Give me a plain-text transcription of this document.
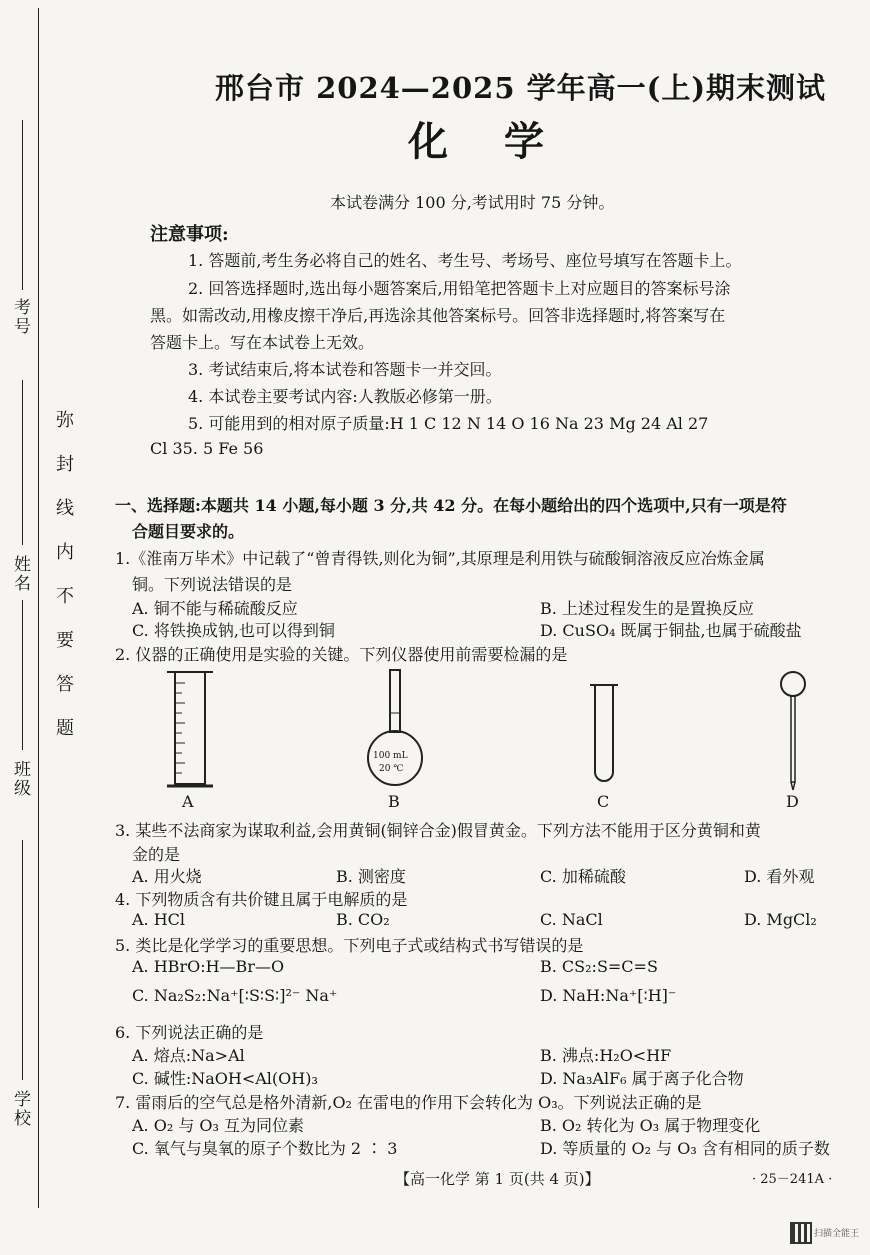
考号
姓名
班级
学校
弥封线内不要答题
邢台市 2024—2025 学年高一(上)期末测试
化学
本试卷满分 100 分,考试用时 75 分钟。
注意事项:
1. 答题前,考生务必将自己的姓名、考生号、考场号、座位号填写在答题卡上。
2. 回答选择题时,选出每小题答案后,用铅笔把答题卡上对应题目的答案标号涂
黑。如需改动,用橡皮擦干净后,再选涂其他答案标号。回答非选择题时,将答案写在
答题卡上。写在本试卷上无效。
3. 考试结束后,将本试卷和答题卡一并交回。
4. 本试卷主要考试内容:人教版必修第一册。
5. 可能用到的相对原子质量:H 1 C 12 N 14 O 16 Na 23 Mg 24 Al 27
Cl 35. 5 Fe 56
一、选择题:本题共 14 小题,每小题 3 分,共 42 分。在每小题给出的四个选项中,只有一项是符
合题目要求的。
1.《淮南万毕术》中记载了“曾青得铁,则化为铜”,其原理是利用铁与硫酸铜溶液反应冶炼金属
铜。下列说法错误的是
A. 铜不能与稀硫酸反应	B. 上述过程发生的是置换反应
C. 将铁换成钠,也可以得到铜	D. CuSO₄ 既属于铜盐,也属于硫酸盐
2. 仪器的正确使用是实验的关键。下列仪器使用前需要检漏的是
A
100 mL
20 ℃
B	C	D
3. 某些不法商家为谋取利益,会用黄铜(铜锌合金)假冒黄金。下列方法不能用于区分黄铜和黄
金的是
A. 用火烧	B. 测密度	C. 加稀硫酸	D. 看外观
4. 下列物质含有共价键且属于电解质的是
A. HCl	B. CO₂	C. NaCl	D. MgCl₂
5. 类比是化学学习的重要思想。下列电子式或结构式书写错误的是
A. HBrO:H—Br—O	B. CS₂:S=C=S
C. Na₂S₂:Na⁺[∶S∶S∶]²⁻ Na⁺	D. NaH:Na⁺[∶H]⁻
6. 下列说法正确的是
A. 熔点:Na>Al	B. 沸点:H₂O<HF
C. 碱性:NaOH<Al(OH)₃	D. Na₃AlF₆ 属于离子化合物
7. 雷雨后的空气总是格外清新,O₂ 在雷电的作用下会转化为 O₃。下列说法正确的是
A. O₂ 与 O₃ 互为同位素	B. O₂ 转化为 O₃ 属于物理变化
C. 氧气与臭氧的原子个数比为 2 ∶ 3	D. 等质量的 O₂ 与 O₃ 含有相同的质子数
【高一化学 第 1 页(共 4 页)】	· 25－241A ·
扫描全能王
